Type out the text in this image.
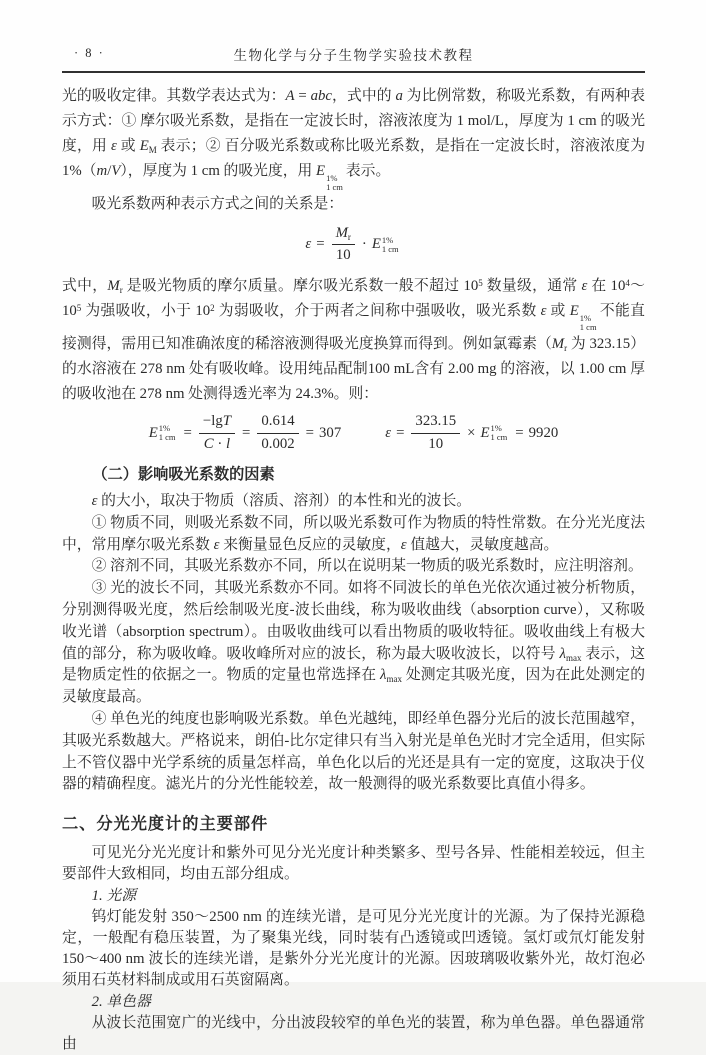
· 8 ·	生物化学与分子生物学实验技术教程

光的吸收定律。其数学表达式为：A = abc，式中的 a 为比例常数，称吸光系数，有两种表示方式：① 摩尔吸光系数，是指在一定波长时，溶液浓度为 1 mol/L，厚度为 1 cm 的吸光度，用 ε 或 $E_M$ 表示；② 百分吸光系数或称比吸光系数，是指在一定波长时，溶液浓度为 1%（m/V），厚度为 1 cm 的吸光度，用 E 1%
1 cm
表示。

吸光系数两种表示方式之间的关系是：

$\varepsilon = \frac{M_r}{10} \cdot E$ 1%
1 cm

式中，$M_r$ 是吸光物质的摩尔质量。摩尔吸光系数一般不超过 $10^5$ 数量级，通常 ε 在 $10^4\sim 10^5$ 为强吸收，小于 $10^2$ 为弱吸收，介于两者之间称中强吸收，吸光系数 ε 或 E 1%
1 cm
不能直接测得，需用已知准确浓度的稀溶液测得吸光度换算而得到。例如氯霉素（$M_r$ 为 323.15）的水溶液在 278 nm 处有吸收峰。设用纯品配制100 mL含有 2.00 mg 的溶液，以 1.00 cm 厚的吸收池在 278 nm 处测得透光率为 24.3%。则：

E 1%
1 cm = $\frac{-\lg T}{C \cdot l} = \frac{0.614}{0.002} = 307$	$\varepsilon = \frac{323.15}{10} \times E$ 1%
1 cm = 9920
（二）影响吸光系数的因素

ε 的大小，取决于物质（溶质、溶剂）的本性和光的波长。

① 物质不同，则吸光系数不同，所以吸光系数可作为物质的特性常数。在分光光度法中，常用摩尔吸光系数 ε 来衡量显色反应的灵敏度，ε 值越大，灵敏度越高。

② 溶剂不同，其吸光系数亦不同，所以在说明某一物质的吸光系数时，应注明溶剂。

③ 光的波长不同，其吸光系数亦不同。如将不同波长的单色光依次通过被分析物质，分别测得吸光度，然后绘制吸光度-波长曲线，称为吸收曲线（absorption curve），又称吸收光谱（absorption spectrum）。由吸收曲线可以看出物质的吸收特征。吸收曲线上有极大值的部分，称为吸收峰。吸收峰所对应的波长，称为最大吸收波长，以符号 $\lambda_{max}$ 表示，这是物质定性的依据之一。物质的定量也常选择在 $\lambda_{max}$ 处测定其吸光度，因为在此处测定的灵敏度最高。

④ 单色光的纯度也影响吸光系数。单色光越纯，即经单色器分光后的波长范围越窄，其吸光系数越大。严格说来，朗伯-比尔定律只有当入射光是单色光时才完全适用，但实际上不管仪器中光学系统的质量怎样高，单色化以后的光还是具有一定的宽度，这取决于仪器的精确程度。滤光片的分光性能较差，故一般测得的吸光系数要比真值小得多。

二、分光光度计的主要部件

可见光分光光度计和紫外可见分光光度计种类繁多、型号各异、性能相差较远，但主要部件大致相同，均由五部分组成。

1. 光源

钨灯能发射 350～2500 nm 的连续光谱，是可见分光光度计的光源。为了保持光源稳定，一般配有稳压装置，为了聚集光线，同时装有凸透镜或凹透镜。氢灯或氘灯能发射150～400 nm 波长的连续光谱，是紫外分光光度计的光源。因玻璃吸收紫外光，故灯泡必须用石英材料制成或用石英窗隔离。

2. 单色器

从波长范围宽广的光线中，分出波段较窄的单色光的装置，称为单色器。单色器通常由
